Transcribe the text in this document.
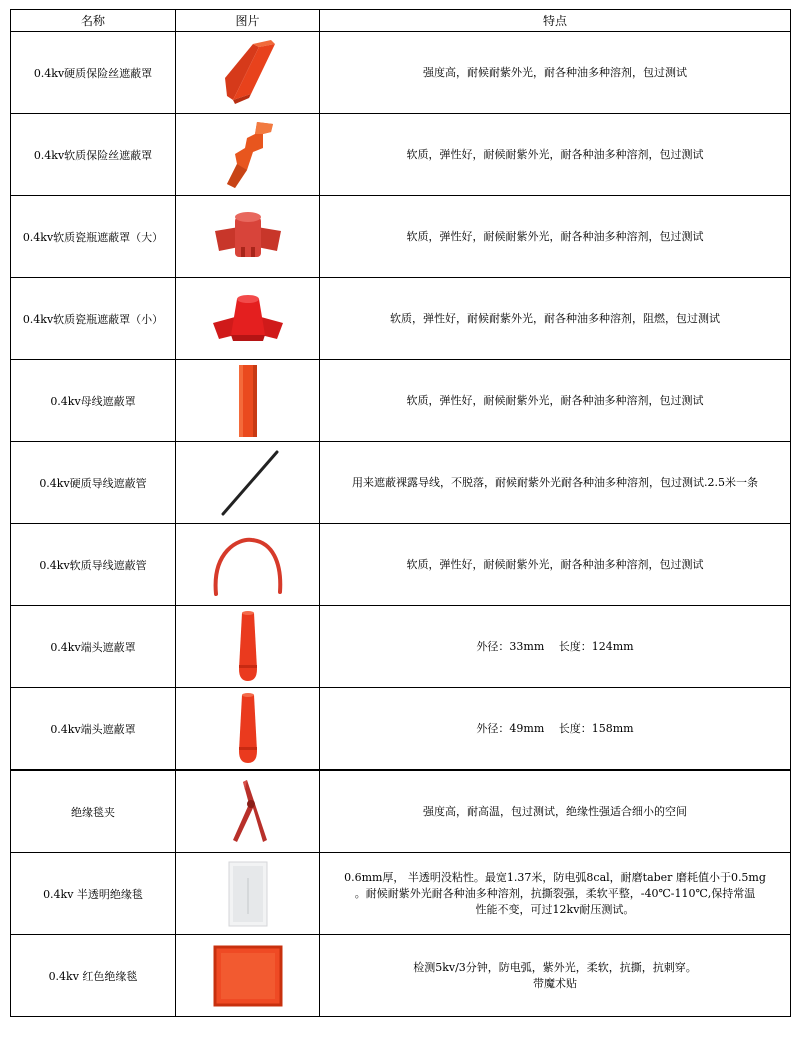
名称	图片	特点
0.4kv硬质保险丝遮蔽罩		强度高，耐候耐紫外光，耐各种油多种溶剂，包过测试

0.4kv软质保险丝遮蔽罩		软质，弹性好，耐候耐紫外光，耐各种油多种溶剂，包过测试

0.4kv软质瓷瓶遮蔽罩（大）		软质，弹性好，耐候耐紫外光，耐各种油多种溶剂，包过测试

0.4kv软质瓷瓶遮蔽罩（小）		软质，弹性好，耐候耐紫外光，耐各种油多种溶剂，阻燃，包过测试

0.4kv母线遮蔽罩		软质，弹性好，耐候耐紫外光，耐各种油多种溶剂，包过测试

0.4kv硬质导线遮蔽管		用来遮蔽裸露导线，不脱落，耐候耐紫外光耐各种油多种溶剂，包过测试.2.5米一条

0.4kv软质导线遮蔽管		软质，弹性好，耐候耐紫外光，耐各种油多种溶剂，包过测试

0.4kv端头遮蔽罩		外径：33mm　 长度：124mm

0.4kv端头遮蔽罩		外径：49mm　 长度：158mm

绝缘毯夹		强度高，耐高温，包过测试，绝缘性强适合细小的空间

0.4kv 半透明绝缘毯		0.6mm厚， 半透明没粘性。最宽1.37米，防电弧8cal，耐磨taber 磨耗值小于0.5mg
。耐候耐紫外光耐各种油多种溶剂，抗撕裂强，柔软平整，-40℃-110℃,保持常温
性能不变，可过12kv耐压测试。

0.4kv 红色绝缘毯		检测5kv/3分钟，防电弧，紫外光，柔软，抗撕，抗刺穿。
带魔术贴
